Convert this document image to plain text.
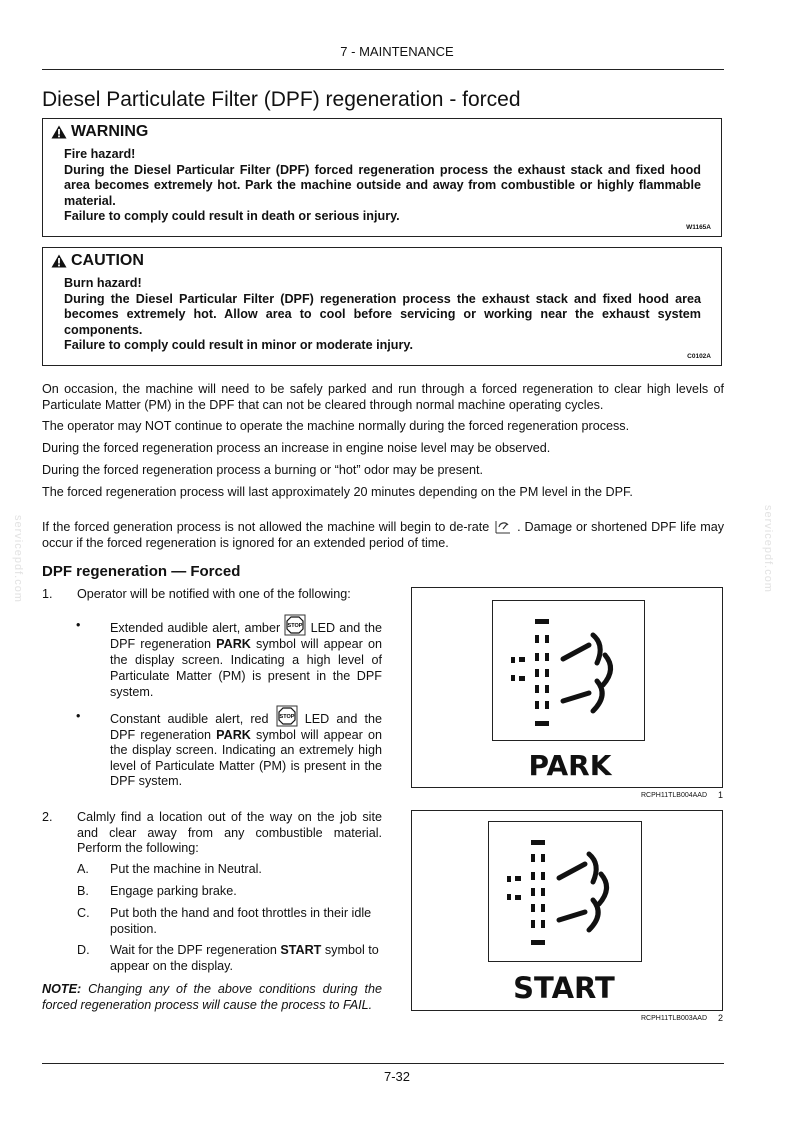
7 - MAINTENANCE
Diesel Particulate Filter (DPF) regeneration - forced
WARNING
Fire hazard!
During the Diesel Particular Filter (DPF) forced regeneration process the exhaust stack and fixed hood area becomes extremely hot. Park the machine outside and away from combustible or highly flammable material.
Failure to comply could result in death or serious injury.
W1165A
CAUTION
Burn hazard!
During the Diesel Particular Filter (DPF) regeneration process the exhaust stack and fixed hood area becomes extremely hot. Allow area to cool before servicing or working near the exhaust system components.
Failure to comply could result in minor or moderate injury.
C0102A
On occasion, the machine will need to be safely parked and run through a forced regeneration to clear high levels of Particulate Matter (PM) in the DPF that can not be cleared through normal machine operating cycles.
The operator may NOT continue to operate the machine normally during the forced regeneration process.
During the forced regeneration process an increase in engine noise level may be observed.
During the forced regeneration process a burning or “hot” odor may be present.
The forced regeneration process will last approximately 20 minutes depending on the PM level in the DPF.
If the forced generation process is not allowed the machine will begin to de-rate . Damage or shortened DPF life may occur if the forced regeneration is ignored for an extended period of time.
servicepdf.com	servicepdf.com
DPF regeneration — Forced
1. Operator will be notified with one of the following:
• Extended audible alert, amber STOP LED and the DPF regeneration PARK symbol will appear on the display screen. Indicating a high level of Particulate Matter (PM) is present in the DPF system.
• Constant audible alert, red STOP LED and the DPF regeneration PARK symbol will appear on the display screen. Indicating an extremely high level of Particulate Matter (PM) is present in the DPF system.
2. Calmly find a location out of the way on the job site and clear away from any combustible material. Perform the following:
A. Put the machine in Neutral.
B. Engage parking brake.
C. Put both the hand and foot throttles in their idle position.
D. Wait for the DPF regeneration START symbol to appear on the display.
NOTE: Changing any of the above conditions during the forced regeneration process will cause the process to FAIL.
PARK
RCPH11TLB004AAD 1
START
RCPH11TLB003AAD 2
7-32
